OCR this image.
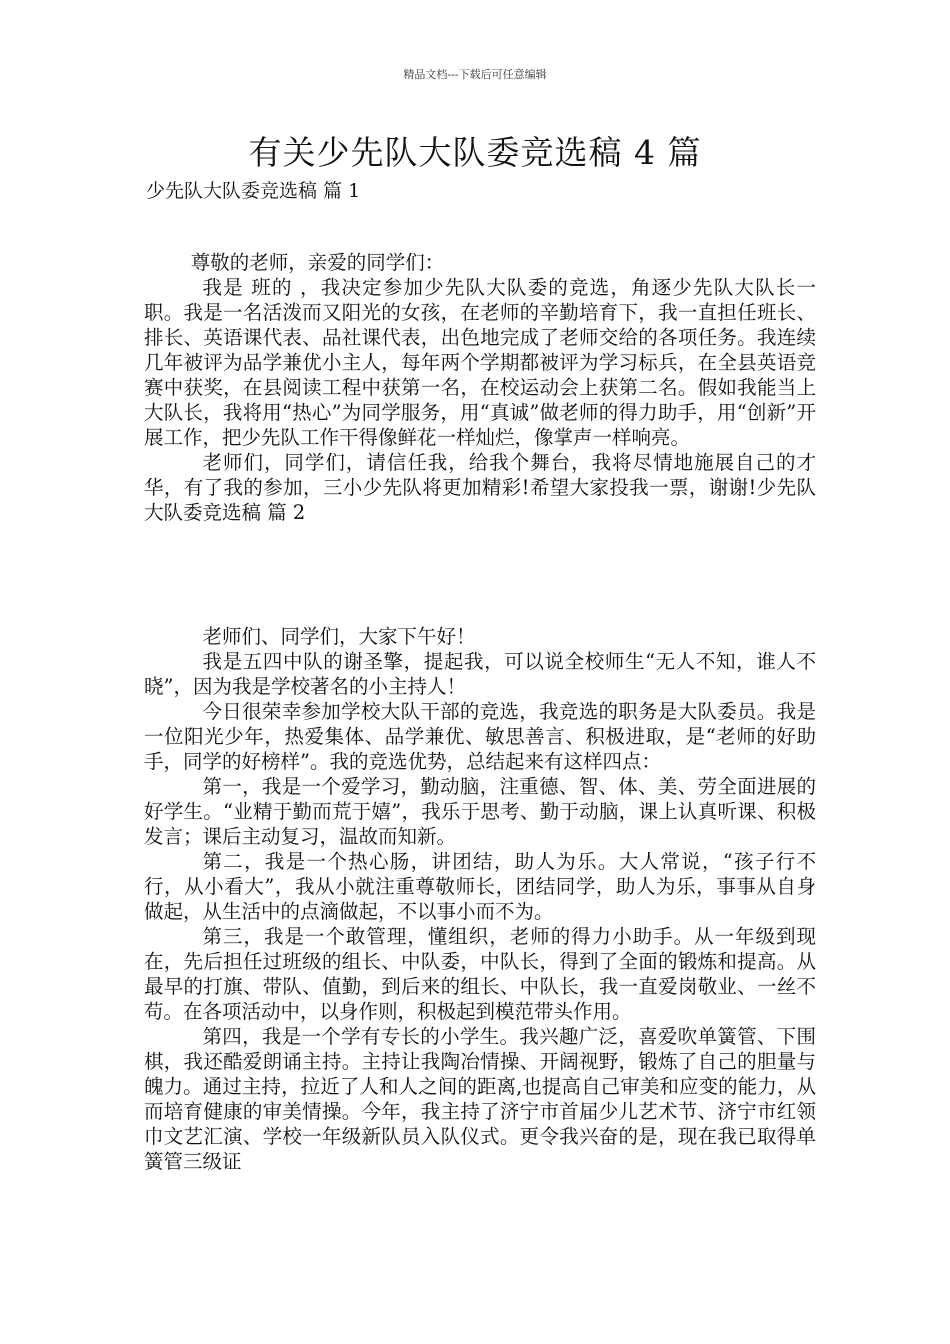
精品文档---下载后可任意编辑
有关少先队大队委竞选稿 4 篇
少先队大队委竞选稿 篇 1

尊敬的老师，亲爱的同学们：

我是 班的 ，我决定参加少先队大队委的竞选，角逐少先队大队长一职。我是一名活泼而又阳光的女孩，在老师的辛勤培育下，我一直担任班长、排长、英语课代表、品社课代表，出色地完成了老师交给的各项任务。我连续几年被评为品学兼优小主人，每年两个学期都被评为学习标兵，在全县英语竞赛中获奖，在县阅读工程中获第一名，在校运动会上获第二名。假如我能当上大队长，我将用“热心”为同学服务，用“真诚”做老师的得力助手，用“创新”开展工作，把少先队工作干得像鲜花一样灿烂，像掌声一样响亮。

老师们，同学们，请信任我，给我个舞台，我将尽情地施展自己的才华，有了我的参加，三小少先队将更加精彩!希望大家投我一票，谢谢!少先队大队委竞选稿 篇 2

老师们、同学们，大家下午好！

我是五四中队的谢圣擎，提起我，可以说全校师生“无人不知，谁人不晓”，因为我是学校著名的小主持人！

今日很荣幸参加学校大队干部的竞选，我竞选的职务是大队委员。我是一位阳光少年，热爱集体、品学兼优、敏思善言、积极进取，是“老师的好助手，同学的好榜样”。我的竞选优势，总结起来有这样四点：

第一，我是一个爱学习，勤动脑，注重德、智、体、美、劳全面进展的好学生。“业精于勤而荒于嬉”，我乐于思考、勤于动脑，课上认真听课、积极发言；课后主动复习，温故而知新。

第二，我是一个热心肠，讲团结，助人为乐。大人常说，“孩子行不行，从小看大”，我从小就注重尊敬师长，团结同学，助人为乐，事事从自身做起，从生活中的点滴做起，不以事小而不为。

第三，我是一个敢管理，懂组织，老师的得力小助手。从一年级到现在，先后担任过班级的组长、中队委，中队长，得到了全面的锻炼和提高。从最早的打旗、带队、值勤，到后来的组长、中队长，我一直爱岗敬业、一丝不苟。在各项活动中，以身作则，积极起到模范带头作用。

第四，我是一个学有专长的小学生。我兴趣广泛，喜爱吹单簧管、下围棋，我还酷爱朗诵主持。主持让我陶冶情操、开阔视野，锻炼了自己的胆量与魄力。通过主持，拉近了人和人之间的距离,也提高自己审美和应变的能力，从而培育健康的审美情操。今年，我主持了济宁市首届少儿艺术节、济宁市红领巾文艺汇演、学校一年级新队员入队仪式。更令我兴奋的是，现在我已取得单簧管三级证
